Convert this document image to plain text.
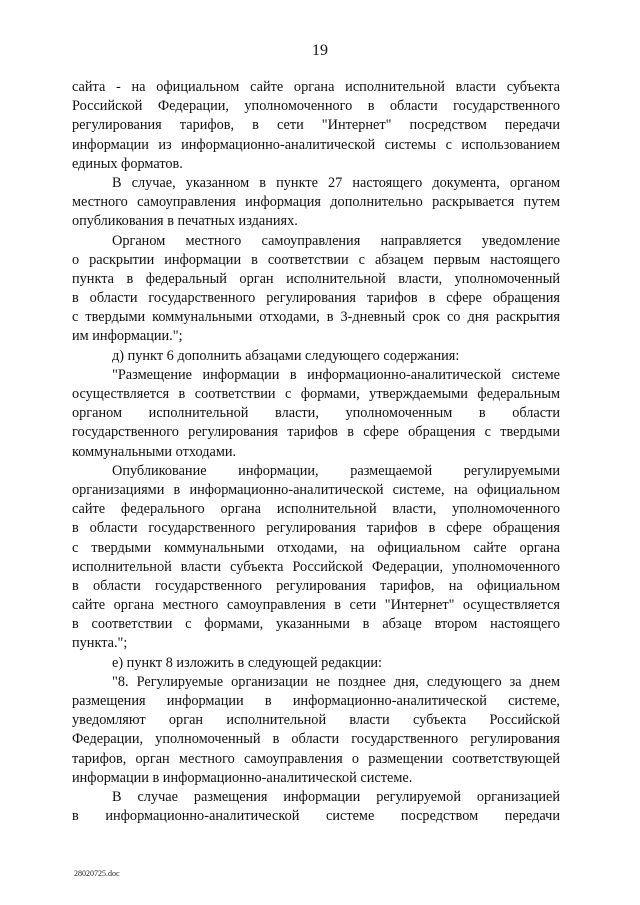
19
сайта - на официальном сайте органа исполнительной власти субъекта
Российской Федерации, уполномоченного в области государственного
регулирования тарифов, в сети "Интернет" посредством передачи
информации из информационно-аналитической системы с использованием
единых форматов.
В случае, указанном в пункте 27 настоящего документа, органом
местного самоуправления информация дополнительно раскрывается путем
опубликования в печатных изданиях.
Органом местного самоуправления направляется уведомление
о раскрытии информации в соответствии с абзацем первым настоящего
пункта в федеральный орган исполнительной власти, уполномоченный
в области государственного регулирования тарифов в сфере обращения
с твердыми коммунальными отходами, в 3-дневный срок со дня раскрытия
им информации.";
д) пункт 6 дополнить абзацами следующего содержания:
"Размещение информации в информационно-аналитической системе
осуществляется в соответствии с формами, утверждаемыми федеральным
органом исполнительной власти, уполномоченным в области
государственного регулирования тарифов в сфере обращения с твердыми
коммунальными отходами.
Опубликование информации, размещаемой регулируемыми
организациями в информационно-аналитической системе, на официальном
сайте федерального органа исполнительной власти, уполномоченного
в области государственного регулирования тарифов в сфере обращения
с твердыми коммунальными отходами, на официальном сайте органа
исполнительной власти субъекта Российской Федерации, уполномоченного
в области государственного регулирования тарифов, на официальном
сайте органа местного самоуправления в сети "Интернет" осуществляется
в соответствии с формами, указанными в абзаце втором настоящего
пункта.";
е) пункт 8 изложить в следующей редакции:
"8. Регулируемые организации не позднее дня, следующего за днем
размещения информации в информационно-аналитической системе,
уведомляют орган исполнительной власти субъекта Российской
Федерации, уполномоченный в области государственного регулирования
тарифов, орган местного самоуправления о размещении соответствующей
информации в информационно-аналитической системе.
В случае размещения информации регулируемой организацией
в информационно-аналитической системе посредством передачи
28020725.doc
